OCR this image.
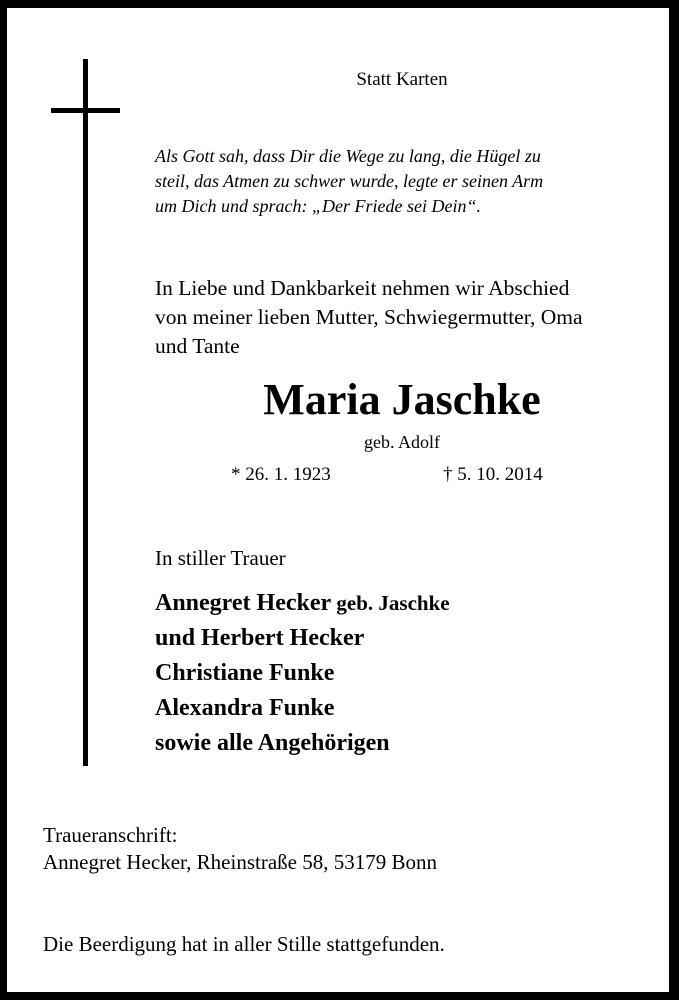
Statt Karten
Als Gott sah, dass Dir die Wege zu lang, die Hügel zu
steil, das Atmen zu schwer wurde, legte er seinen Arm
um Dich und sprach: „Der Friede sei Dein“.
In Liebe und Dankbarkeit nehmen wir Abschied
von meiner lieben Mutter, Schwiegermutter, Oma
und Tante
Maria Jaschke
geb. Adolf
* 26. 1. 1923	† 5. 10. 2014
In stiller Trauer
Annegret Hecker geb. Jaschke
und Herbert Hecker
Christiane Funke
Alexandra Funke
sowie alle Angehörigen
Traueranschrift:
Annegret Hecker, Rheinstraße 58, 53179 Bonn
Die Beerdigung hat in aller Stille stattgefunden.
